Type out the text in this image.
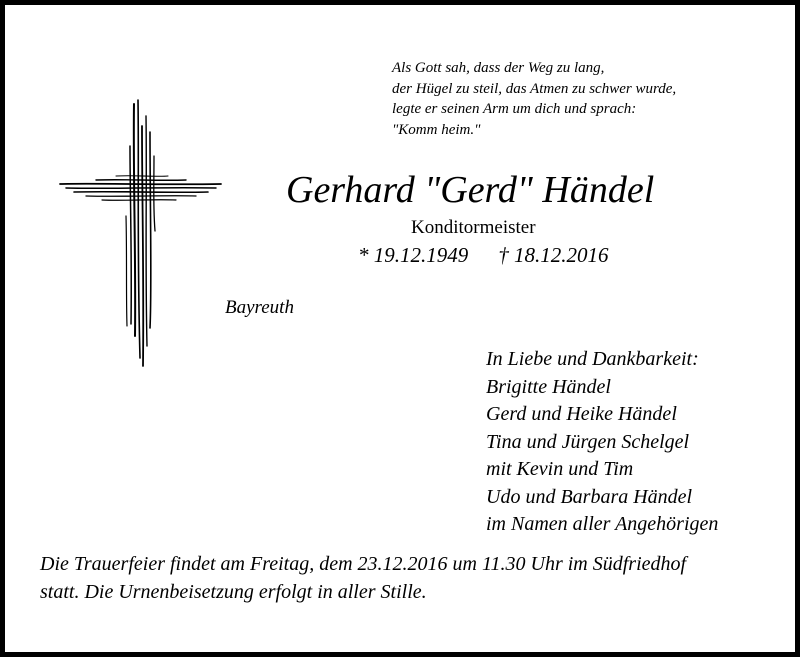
Als Gott sah, dass der Weg zu lang,
der Hügel zu steil, das Atmen zu schwer wurde,
legte er seinen Arm um dich und sprach:
"Komm heim."
Gerhard "Gerd" Händel
Konditormeister
* 19.12.1949 † 18.12.2016
Bayreuth
In Liebe und Dankbarkeit:
Brigitte Händel
Gerd und Heike Händel
Tina und Jürgen Schelgel
mit Kevin und Tim
Udo und Barbara Händel
im Namen aller Angehörigen
Die Trauerfeier findet am Freitag, dem 23.12.2016 um 11.30 Uhr im Südfriedhof
statt. Die Urnenbeisetzung erfolgt in aller Stille.
